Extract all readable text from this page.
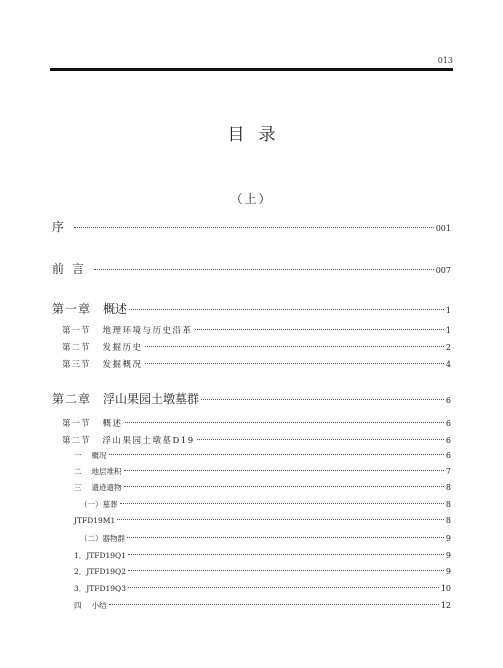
013
目录
（上）
序	001
前言	007
第一章 概述	1
第一节 地理环境与历史沿革	1
第二节 发掘历史	2
第三节 发掘概况	4
第二章 浮山果园土墩墓群	6
第一节 概述	6
第二节 浮山果园土墩墓D19	6
一 概况	6
二 地层堆积	7
三 遗迹遗物	8
（一）墓葬	8
JTFD19M1	8
（二）器物群	9
1．JTFD19Q1	9
2．JTFD19Q2	9
3．JTFD19Q3	10
四 小结	12
